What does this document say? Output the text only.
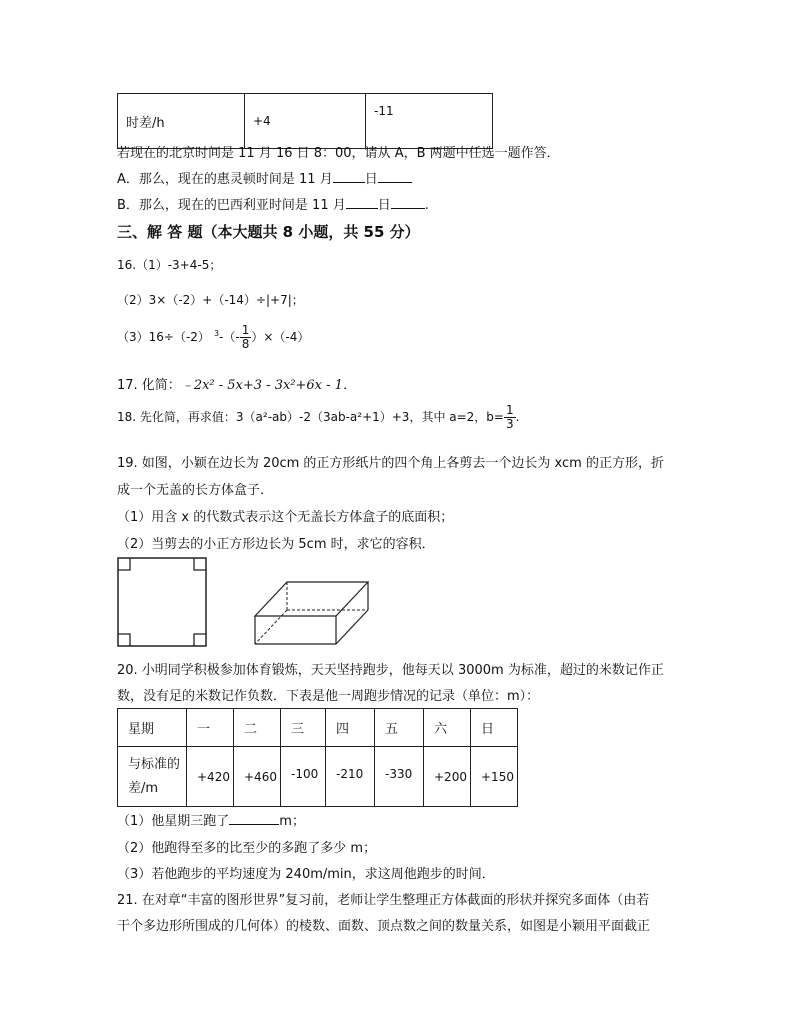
时差/h	+4	-11
若现在的北京时间是 11 月 16 日 8：00，请从 A，B 两题中任选一题作答．
A．那么，现在的惠灵顿时间是 11 月 日
B．那么，现在的巴西利亚时间是 11 月 日	.
三、解 答 题（本大题共 8 小题，共 55 分）
16.（1）-3+4-5；
（2）3×（-2）+（-14）÷|+7|；
（3）16÷（-2） $^3-(- \frac{1}{8} )\times(-4)$
17. 化简：﹣2x² - 5x+3 - 3x²+6x - 1．
18. 先化简，再求值：3（a²-ab）-2（3ab-a²+1）+3，其中 a=2，$b= \frac{1}{3}$ .
19. 如图，小颖在边长为 20cm 的正方形纸片的四个角上各剪去一个边长为 xcm 的正方形，折
成一个无盖的长方体盒子．
（1）用含 x 的代数式表示这个无盖长方体盒子的底面积；
（2）当剪去的小正方形边长为 5cm 时，求它的容积．
20. 小明同学积极参加体育锻炼，天天坚持跑步，他每天以 3000m 为标准，超过的米数记作正
数，没有足的米数记作负数．下表是他一周跑步情况的记录（单位：m）：
星期	一	二	三	四	五	六	日
与标准的
差/m	+420	+460	-100	-210	-330	+200	+150
（1）他星期三跑了	m；
（2）他跑得至多的比至少的多跑了多少 m；
（3）若他跑步的平均速度为 240m/min，求这周他跑步的时间．
21. 在对章“丰富的图形世界”复习前，老师让学生整理正方体截面的形状并探究多面体（由若
干个多边形所围成的几何体）的棱数、面数、顶点数之间的数量关系，如图是小颖用平面截正
